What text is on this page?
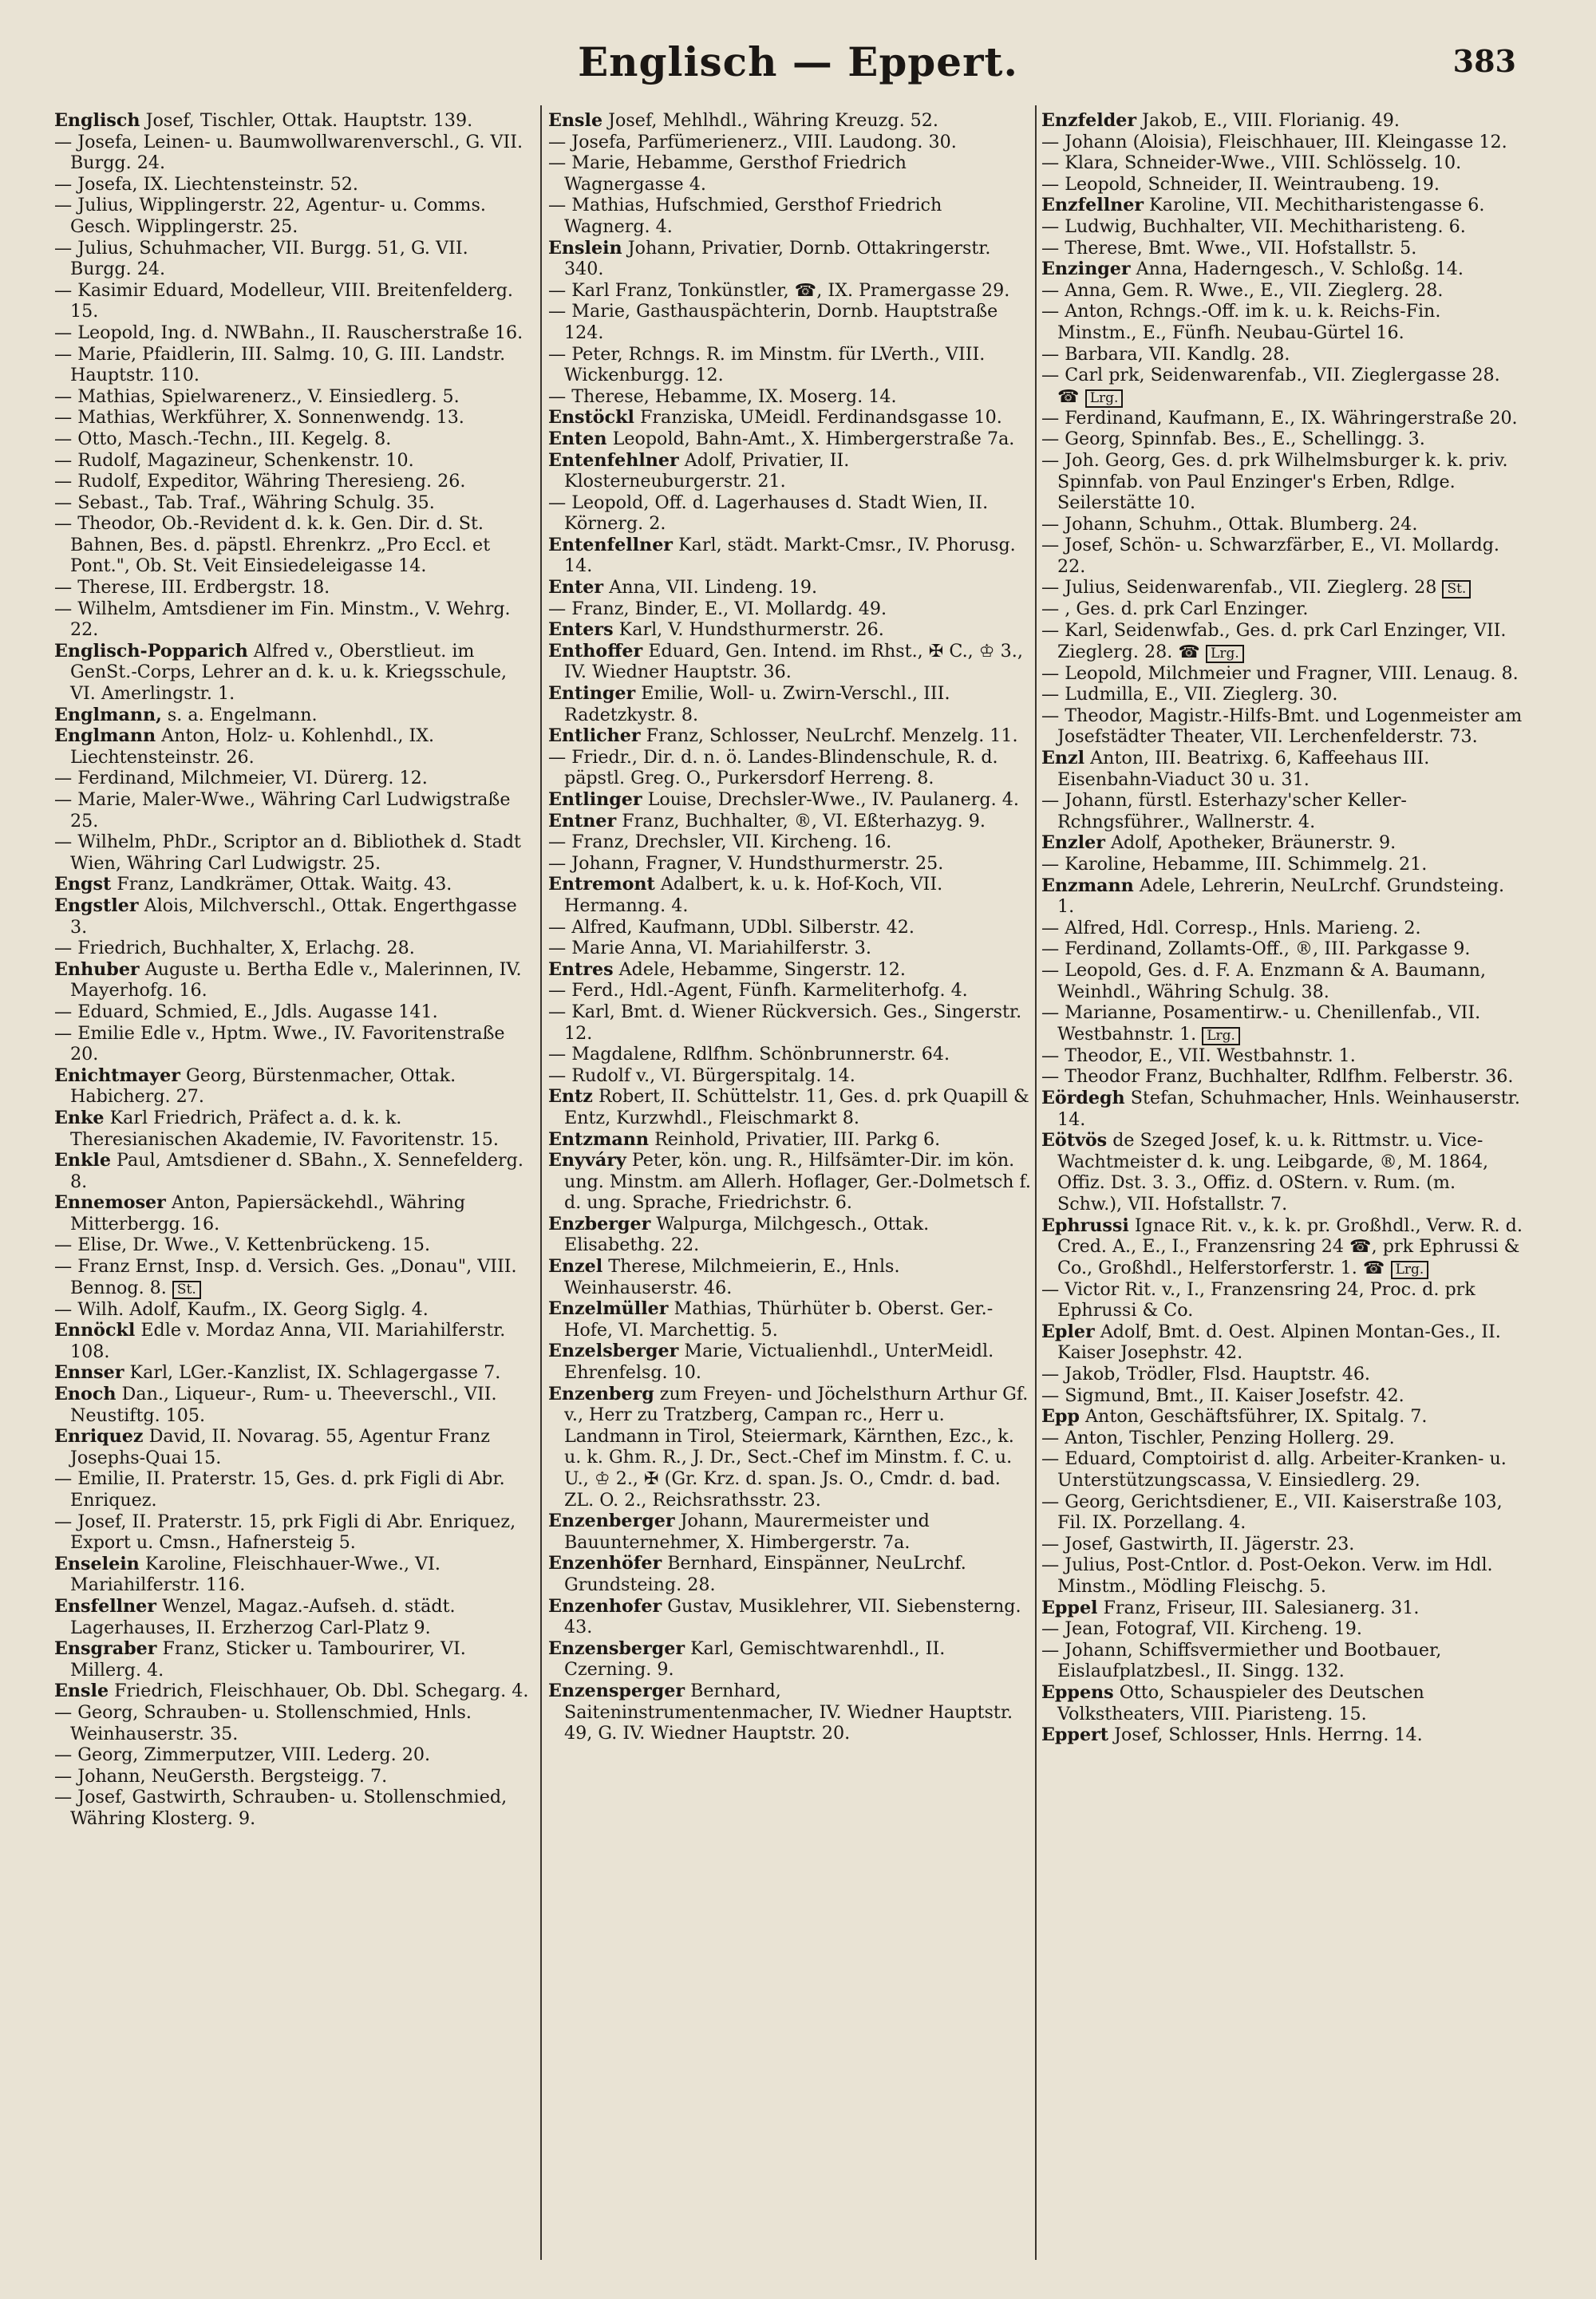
Englisch — Eppert.	383

Englisch Josef, Tischler, Ottak. Hauptstr. 139.

— Josefa, Leinen- u. Baumwollwarenverschl., G. VII. Burgg. 24.

— Josefa, IX. Liechtensteinstr. 52.

— Julius, Wipplingerstr. 22, Agentur- u. Comms. Gesch. Wipplingerstr. 25.

— Julius, Schuhmacher, VII. Burgg. 51, G. VII. Burgg. 24.

— Kasimir Eduard, Modelleur, VIII. Breitenfelderg. 15.

— Leopold, Ing. d. NWBahn., II. Rauscherstraße 16.

— Marie, Pfaidlerin, III. Salmg. 10, G. III. Landstr. Hauptstr. 110.

— Mathias, Spielwarenerz., V. Einsiedlerg. 5.

— Mathias, Werkführer, X. Sonnenwendg. 13.

— Otto, Masch.-Techn., III. Kegelg. 8.

— Rudolf, Magazineur, Schenkenstr. 10.

— Rudolf, Expeditor, Währing Theresieng. 26.

— Sebast., Tab. Traf., Währing Schulg. 35.

— Theodor, Ob.-Revident d. k. k. Gen. Dir. d. St. Bahnen, Bes. d. päpstl. Ehrenkrz. „Pro Eccl. et Pont.", Ob. St. Veit Einsiedeleigasse 14.

— Therese, III. Erdbergstr. 18.

— Wilhelm, Amtsdiener im Fin. Minstm., V. Wehrg. 22.

Englisch-Popparich Alfred v., Oberstlieut. im GenSt.-Corps, Lehrer an d. k. u. k. Kriegsschule, VI. Amerlingstr. 1.

Englmann, s. a. Engelmann.

Englmann Anton, Holz- u. Kohlenhdl., IX. Liechtensteinstr. 26.

— Ferdinand, Milchmeier, VI. Dürerg. 12.

— Marie, Maler-Wwe., Währing Carl Ludwigstraße 25.

— Wilhelm, PhDr., Scriptor an d. Bibliothek d. Stadt Wien, Währing Carl Ludwigstr. 25.

Engst Franz, Landkrämer, Ottak. Waitg. 43.

Engstler Alois, Milchverschl., Ottak. Engerthgasse 3.

— Friedrich, Buchhalter, X, Erlachg. 28.

Enhuber Auguste u. Bertha Edle v., Malerinnen, IV. Mayerhofg. 16.

— Eduard, Schmied, E., Jdls. Augasse 141.

— Emilie Edle v., Hptm. Wwe., IV. Favoritenstraße 20.

Enichtmayer Georg, Bürstenmacher, Ottak. Habicherg. 27.

Enke Karl Friedrich, Präfect a. d. k. k. Theresianischen Akademie, IV. Favoritenstr. 15.

Enkle Paul, Amtsdiener d. SBahn., X. Sennefelderg. 8.

Ennemoser Anton, Papiersäckehdl., Währing Mitterbergg. 16.

— Elise, Dr. Wwe., V. Kettenbrückeng. 15.

— Franz Ernst, Insp. d. Versich. Ges. „Donau", VIII. Bennog. 8. St.

— Wilh. Adolf, Kaufm., IX. Georg Siglg. 4.

Ennöckl Edle v. Mordaz Anna, VII. Mariahilferstr. 108.

Ennser Karl, LGer.-Kanzlist, IX. Schlagergasse 7.

Enoch Dan., Liqueur-, Rum- u. Theeverschl., VII. Neustiftg. 105.

Enriquez David, II. Novarag. 55, Agentur Franz Josephs-Quai 15.

— Emilie, II. Praterstr. 15, Ges. d. prk Figli di Abr. Enriquez.

— Josef, II. Praterstr. 15, prk Figli di Abr. Enriquez, Export u. Cmsn., Hafnersteig 5.

Enselein Karoline, Fleischhauer-Wwe., VI. Mariahilferstr. 116.

Ensfellner Wenzel, Magaz.-Aufseh. d. städt. Lagerhauses, II. Erzherzog Carl-Platz 9.

Ensgraber Franz, Sticker u. Tambourirer, VI. Millerg. 4.

Ensle Friedrich, Fleischhauer, Ob. Dbl. Schegarg. 4.

— Georg, Schrauben- u. Stollenschmied, Hnls. Weinhauserstr. 35.

— Georg, Zimmerputzer, VIII. Lederg. 20.

— Johann, NeuGersth. Bergsteigg. 7.

— Josef, Gastwirth, Schrauben- u. Stollenschmied, Währing Klosterg. 9.

Ensle Josef, Mehlhdl., Währing Kreuzg. 52.

— Josefa, Parfümerienerz., VIII. Laudong. 30.

— Marie, Hebamme, Gersthof Friedrich Wagnergasse 4.

— Mathias, Hufschmied, Gersthof Friedrich Wagnerg. 4.

Enslein Johann, Privatier, Dornb. Ottakringerstr. 340.

— Karl Franz, Tonkünstler, ☎, IX. Pramergasse 29.

— Marie, Gasthauspächterin, Dornb. Hauptstraße 124.

— Peter, Rchngs. R. im Minstm. für LVerth., VIII. Wickenburgg. 12.

— Therese, Hebamme, IX. Moserg. 14.

Enstöckl Franziska, UMeidl. Ferdinandsgasse 10.

Enten Leopold, Bahn-Amt., X. Himbergerstraße 7a.

Entenfehlner Adolf, Privatier, II. Klosterneuburgerstr. 21.

— Leopold, Off. d. Lagerhauses d. Stadt Wien, II. Körnerg. 2.

Entenfellner Karl, städt. Markt-Cmsr., IV. Phorusg. 14.

Enter Anna, VII. Lindeng. 19.

— Franz, Binder, E., VI. Mollardg. 49.

Enters Karl, V. Hundsthurmerstr. 26.

Enthoffer Eduard, Gen. Intend. im Rhst., ✠ C., ♔ 3., IV. Wiedner Hauptstr. 36.

Entinger Emilie, Woll- u. Zwirn-Verschl., III. Radetzkystr. 8.

Entlicher Franz, Schlosser, NeuLrchf. Menzelg. 11.

— Friedr., Dir. d. n. ö. Landes-Blindenschule, R. d. päpstl. Greg. O., Purkersdorf Herreng. 8.

Entlinger Louise, Drechsler-Wwe., IV. Paulanerg. 4.

Entner Franz, Buchhalter, ®, VI. Eßterhazyg. 9.

— Franz, Drechsler, VII. Kircheng. 16.

— Johann, Fragner, V. Hundsthurmerstr. 25.

Entremont Adalbert, k. u. k. Hof-Koch, VII. Hermanng. 4.

— Alfred, Kaufmann, UDbl. Silberstr. 42.

— Marie Anna, VI. Mariahilferstr. 3.

Entres Adele, Hebamme, Singerstr. 12.

— Ferd., Hdl.-Agent, Fünfh. Karmeliterhofg. 4.

— Karl, Bmt. d. Wiener Rückversich. Ges., Singerstr. 12.

— Magdalene, Rdlfhm. Schönbrunnerstr. 64.

— Rudolf v., VI. Bürgerspitalg. 14.

Entz Robert, II. Schüttelstr. 11, Ges. d. prk Quapill & Entz, Kurzwhdl., Fleischmarkt 8.

Entzmann Reinhold, Privatier, III. Parkg 6.

Enyváry Peter, kön. ung. R., Hilfsämter-Dir. im kön. ung. Minstm. am Allerh. Hoflager, Ger.-Dolmetsch f. d. ung. Sprache, Friedrichstr. 6.

Enzberger Walpurga, Milchgesch., Ottak. Elisabethg. 22.

Enzel Therese, Milchmeierin, E., Hnls. Weinhauserstr. 46.

Enzelmüller Mathias, Thürhüter b. Oberst. Ger.-Hofe, VI. Marchettig. 5.

Enzelsberger Marie, Victualienhdl., UnterMeidl. Ehrenfelsg. 10.

Enzenberg zum Freyen- und Jöchelsthurn Arthur Gf. v., Herr zu Tratzberg, Campan rc., Herr u. Landmann in Tirol, Steiermark, Kärnthen, Ezc., k. u. k. Ghm. R., J. Dr., Sect.-Chef im Minstm. f. C. u. U., ♔ 2., ✠ (Gr. Krz. d. span. Js. O., Cmdr. d. bad. ZL. O. 2., Reichsrathsstr. 23.

Enzenberger Johann, Maurermeister und Bauunternehmer, X. Himbergerstr. 7a.

Enzenhöfer Bernhard, Einspänner, NeuLrchf. Grundsteing. 28.

Enzenhofer Gustav, Musiklehrer, VII. Siebensterng. 43.

Enzensberger Karl, Gemischtwarenhdl., II. Czerning. 9.

Enzensperger Bernhard, Saiteninstrumentenmacher, IV. Wiedner Hauptstr. 49, G. IV. Wiedner Hauptstr. 20.

Enzfelder Jakob, E., VIII. Florianig. 49.

— Johann (Aloisia), Fleischhauer, III. Kleingasse 12.

— Klara, Schneider-Wwe., VIII. Schlösselg. 10.

— Leopold, Schneider, II. Weintraubeng. 19.

Enzfellner Karoline, VII. Mechitharistengasse 6.

— Ludwig, Buchhalter, VII. Mechitharisteng. 6.

— Therese, Bmt. Wwe., VII. Hofstallstr. 5.

Enzinger Anna, Haderngesch., V. Schloßg. 14.

— Anna, Gem. R. Wwe., E., VII. Zieglerg. 28.

— Anton, Rchngs.-Off. im k. u. k. Reichs-Fin. Minstm., E., Fünfh. Neubau-Gürtel 16.

— Barbara, VII. Kandlg. 28.

— Carl prk, Seidenwarenfab., VII. Zieglergasse 28. ☎ Lrg.

— Ferdinand, Kaufmann, E., IX. Währingerstraße 20.

— Georg, Spinnfab. Bes., E., Schellingg. 3.

— Joh. Georg, Ges. d. prk Wilhelmsburger k. k. priv. Spinnfab. von Paul Enzinger's Erben, Rdlge. Seilerstätte 10.

— Johann, Schuhm., Ottak. Blumberg. 24.

— Josef, Schön- u. Schwarzfärber, E., VI. Mollardg. 22.

— Julius, Seidenwarenfab., VII. Zieglerg. 28 St.

— , Ges. d. prk Carl Enzinger.

— Karl, Seidenwfab., Ges. d. prk Carl Enzinger, VII. Zieglerg. 28. ☎ Lrg.

— Leopold, Milchmeier und Fragner, VIII. Lenaug. 8.

— Ludmilla, E., VII. Zieglerg. 30.

— Theodor, Magistr.-Hilfs-Bmt. und Logenmeister am Josefstädter Theater, VII. Lerchenfelderstr. 73.

Enzl Anton, III. Beatrixg. 6, Kaffeehaus III. Eisenbahn-Viaduct 30 u. 31.

— Johann, fürstl. Esterhazy'scher Keller-Rchngsführer., Wallnerstr. 4.

Enzler Adolf, Apotheker, Bräunerstr. 9.

— Karoline, Hebamme, III. Schimmelg. 21.

Enzmann Adele, Lehrerin, NeuLrchf. Grundsteing. 1.

— Alfred, Hdl. Corresp., Hnls. Marieng. 2.

— Ferdinand, Zollamts-Off., ®, III. Parkgasse 9.

— Leopold, Ges. d. F. A. Enzmann & A. Baumann, Weinhdl., Währing Schulg. 38.

— Marianne, Posamentirw.- u. Chenillenfab., VII. Westbahnstr. 1. Lrg.

— Theodor, E., VII. Westbahnstr. 1.

— Theodor Franz, Buchhalter, Rdlfhm. Felberstr. 36.

Eördegh Stefan, Schuhmacher, Hnls. Weinhauserstr. 14.

Eötvös de Szeged Josef, k. u. k. Rittmstr. u. Vice-Wachtmeister d. k. ung. Leibgarde, ®, M. 1864, Offiz. Dst. 3. 3., Offiz. d. OStern. v. Rum. (m. Schw.), VII. Hofstallstr. 7.

Ephrussi Ignace Rit. v., k. k. pr. Großhdl., Verw. R. d. Cred. A., E., I., Franzensring 24 ☎, prk Ephrussi & Co., Großhdl., Helferstorferstr. 1. ☎ Lrg.

— Victor Rit. v., I., Franzensring 24, Proc. d. prk Ephrussi & Co.

Epler Adolf, Bmt. d. Oest. Alpinen Montan-Ges., II. Kaiser Josephstr. 42.

— Jakob, Trödler, Flsd. Hauptstr. 46.

— Sigmund, Bmt., II. Kaiser Josefstr. 42.

Epp Anton, Geschäftsführer, IX. Spitalg. 7.

— Anton, Tischler, Penzing Hollerg. 29.

— Eduard, Comptoirist d. allg. Arbeiter-Kranken- u. Unterstützungscassa, V. Einsiedlerg. 29.

— Georg, Gerichtsdiener, E., VII. Kaiserstraße 103, Fil. IX. Porzellang. 4.

— Josef, Gastwirth, II. Jägerstr. 23.

— Julius, Post-Cntlor. d. Post-Oekon. Verw. im Hdl. Minstm., Mödling Fleischg. 5.

Eppel Franz, Friseur, III. Salesianerg. 31.

— Jean, Fotograf, VII. Kircheng. 19.

— Johann, Schiffsvermiether und Bootbauer, Eislaufplatzbesl., II. Singg. 132.

Eppens Otto, Schauspieler des Deutschen Volkstheaters, VIII. Piaristeng. 15.

Eppert Josef, Schlosser, Hnls. Herrng. 14.
